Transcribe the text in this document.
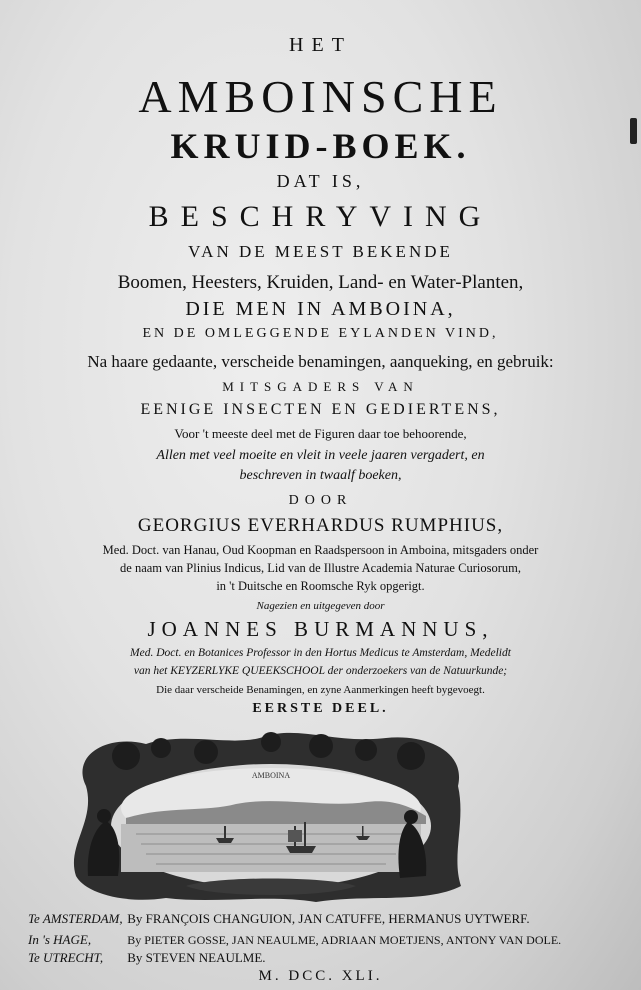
HET
AMBOINSCHE
KRUID-BOEK.
DAT IS,
BESCHRYVING
VAN DE MEEST BEKENDE
Boomen, Heesters, Kruiden, Land- en Water-Planten,
DIE MEN IN AMBOINA,
EN DE OMLEGGENDE EYLANDEN VIND,
Na haare gedaante, verscheide benamingen, aanqueking, en gebruik:
MITSGADERS VAN
EENIGE INSECTEN EN GEDIERTENS,
Voor 't meeste deel met de Figuren daar toe behoorende,
Allen met veel moeite en vleit in veele jaaren vergadert, en
beschreven in twaalf boeken,
DOOR
GEORGIUS EVERHARDUS RUMPHIUS,
Med. Doct. van Hanau, Oud Koopman en Raadspersoon in Amboina, mitsgaders onder
de naam van Plinius Indicus, Lid van de Illustre Academia Naturae Curiosorum,
in 't Duitsche en Roomsche Ryk opgerigt.
Nagezien en uitgegeven door
JOANNES BURMANNUS,
Med. Doct. en Botanices Professor in den Hortus Medicus te Amsterdam, Medelidt
van het KEYZERLYKE QUEEKSCHOOL der onderzoekers van de Natuurkunde;
Die daar verscheide Benamingen, en zyne Aanmerkingen heeft bygevoegt.
EERSTE DEEL.
AMBOINA
Te AMSTERDAM, By FRANÇOIS CHANGUION, JAN CATUFFE, HERMANUS UYTWERF.
In 's HAGE,	By PIETER GOSSE, JAN NEAULME, ADRIAAN MOETJENS, ANTONY VAN DOLE.
Te UTRECHT, By STEVEN NEAULME.
M. DCC. XLI.
